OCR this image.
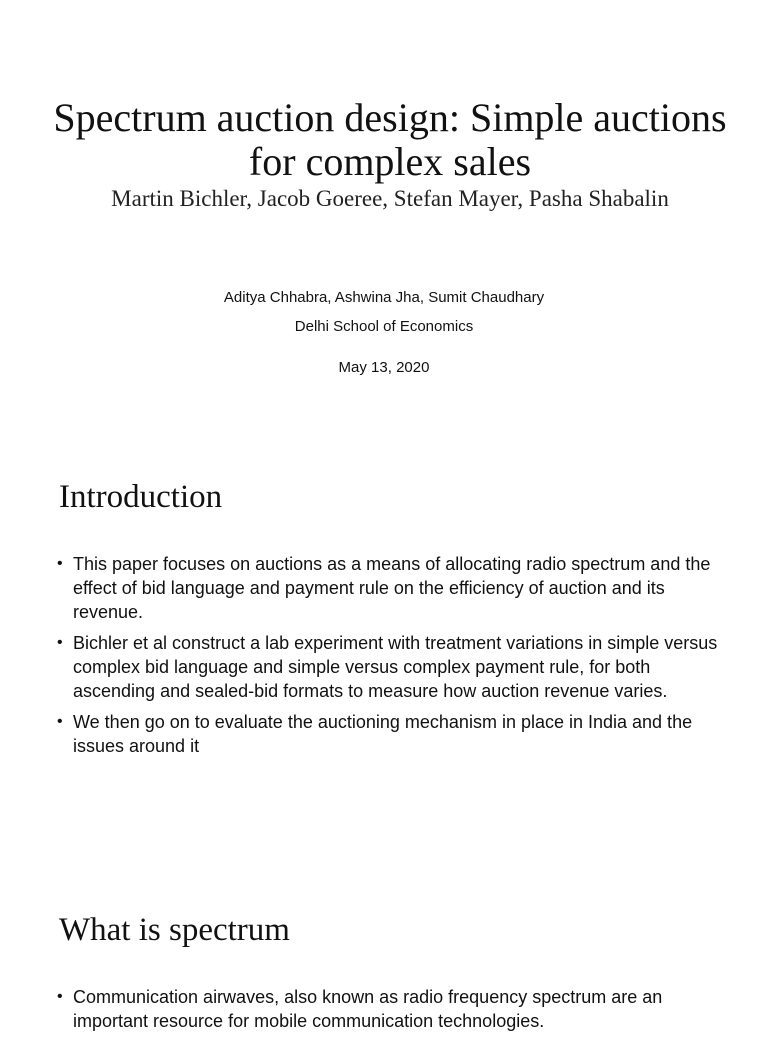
Spectrum auction design: Simple auctions for complex sales
Martin Bichler, Jacob Goeree, Stefan Mayer, Pasha Shabalin
Aditya Chhabra, Ashwina Jha, Sumit Chaudhary
Delhi School of Economics
May 13, 2020
Introduction
• This paper focuses on auctions as a means of allocating radio spectrum and the effect of bid language and payment rule on the efficiency of auction and its revenue.
• Bichler et al construct a lab experiment with treatment variations in simple versus complex bid language and simple versus complex payment rule, for both ascending and sealed-bid formats to measure how auction revenue varies.
• We then go on to evaluate the auctioning mechanism in place in India and the issues around it
What is spectrum
• Communication airwaves, also known as radio frequency spectrum are an important resource for mobile communication technologies.
